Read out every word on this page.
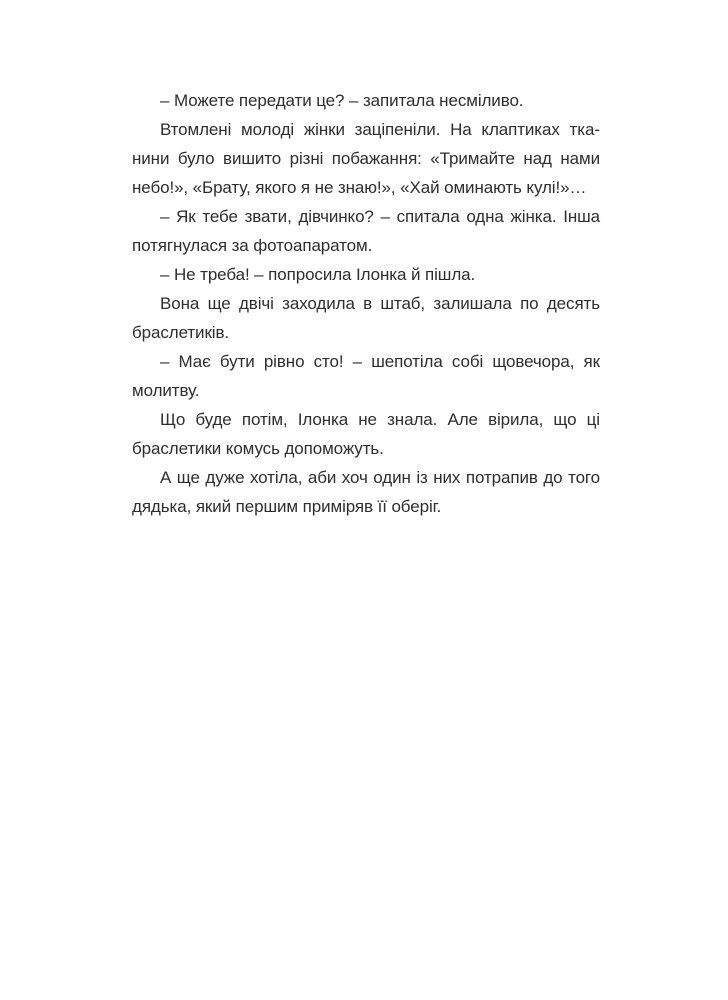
– Можете передати це? – запитала несміливо.

Втомлені молоді жінки заціпеніли. На клаптиках тканини було вишито різні побажання: «Тримайте над нами небо!», «Брату, якого я не знаю!», «Хай оминають кулі!»…

– Як тебе звати, дівчинко? – спитала одна жінка. Інша потягнулася за фотоапаратом.

– Не треба! – попросила Ілонка й пішла.

Вона ще двічі заходила в штаб, залишала по десять браслетиків.

– Має бути рівно сто! – шепотіла собі щовечора, як молитву.

Що буде потім, Ілонка не знала. Але вірила, що ці браслетики комусь допоможуть.

А ще дуже хотіла, аби хоч один із них потрапив до того дядька, який першим приміряв її оберіг.
